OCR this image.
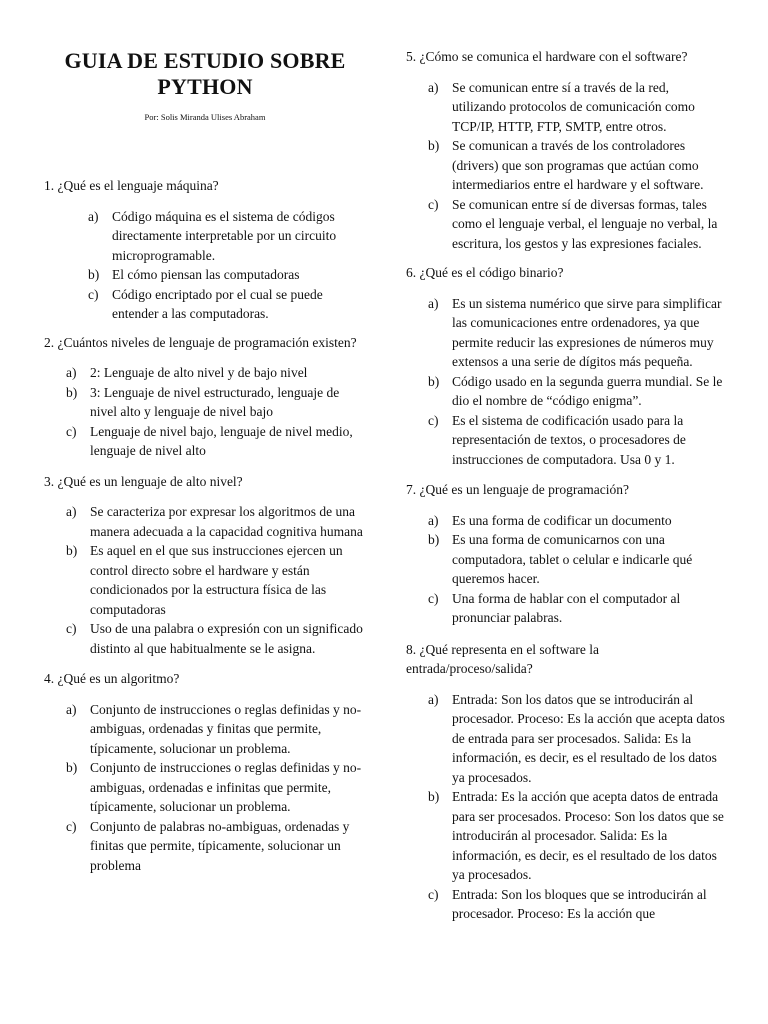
GUIA DE ESTUDIO SOBRE
PYTHON

Por: Solis Miranda Ulises Abraham

1. ¿Qué es el lenguaje máquina?

a) Código máquina es el sistema de códigos directamente interpretable por un circuito microprogramable.
b) El cómo piensan las computadoras
c) Código encriptado por el cual se puede entender a las computadoras.

2. ¿Cuántos niveles de lenguaje de programación existen?

a) 2: Lenguaje de alto nivel y de bajo nivel
b) 3: Lenguaje de nivel estructurado, lenguaje de nivel alto y lenguaje de nivel bajo
c) Lenguaje de nivel bajo, lenguaje de nivel medio, lenguaje de nivel alto

3. ¿Qué es un lenguaje de alto nivel?

a) Se caracteriza por expresar los algoritmos de una manera adecuada a la capacidad cognitiva humana
b) Es aquel en el que sus instrucciones ejercen un control directo sobre el hardware y están condicionados por la estructura física de las computadoras
c) Uso de una palabra o expresión con un significado distinto al que habitualmente se le asigna.

4. ¿Qué es un algoritmo?

a) Conjunto de instrucciones o reglas definidas y no-ambiguas, ordenadas y finitas que permite, típicamente, solucionar un problema.
b) Conjunto de instrucciones o reglas definidas y no-ambiguas, ordenadas e infinitas que permite, típicamente, solucionar un problema.
c) Conjunto de palabras no-ambiguas, ordenadas y finitas que permite, típicamente, solucionar un problema

5. ¿Cómo se comunica el hardware con el software?

a) Se comunican entre sí a través de la red, utilizando protocolos de comunicación como TCP/IP, HTTP, FTP, SMTP, entre otros.
b) Se comunican a través de los controladores (drivers) que son programas que actúan como intermediarios entre el hardware y el software.
c) Se comunican entre sí de diversas formas, tales como el lenguaje verbal, el lenguaje no verbal, la escritura, los gestos y las expresiones faciales.

6. ¿Qué es el código binario?

a) Es un sistema numérico que sirve para simplificar las comunicaciones entre ordenadores, ya que permite reducir las expresiones de números muy extensos a una serie de dígitos más pequeña.
b) Código usado en la segunda guerra mundial. Se le dio el nombre de “código enigma”.
c) Es el sistema de codificación usado para la representación de textos, o procesadores de instrucciones de computadora. Usa 0 y 1.

7. ¿Qué es un lenguaje de programación?

a) Es una forma de codificar un documento
b) Es una forma de comunicarnos con una computadora, tablet o celular e indicarle qué queremos hacer.
c) Una forma de hablar con el computador al pronunciar palabras.

8. ¿Qué representa en el software la entrada/proceso/salida?

a) Entrada: Son los datos que se introducirán al procesador. Proceso: Es la acción que acepta datos de entrada para ser procesados. Salida: Es la información, es decir, es el resultado de los datos ya procesados.
b) Entrada: Es la acción que acepta datos de entrada para ser procesados. Proceso: Son los datos que se introducirán al procesador. Salida: Es la información, es decir, es el resultado de los datos ya procesados.
c) Entrada: Son los bloques que se introducirán al procesador. Proceso: Es la acción que
